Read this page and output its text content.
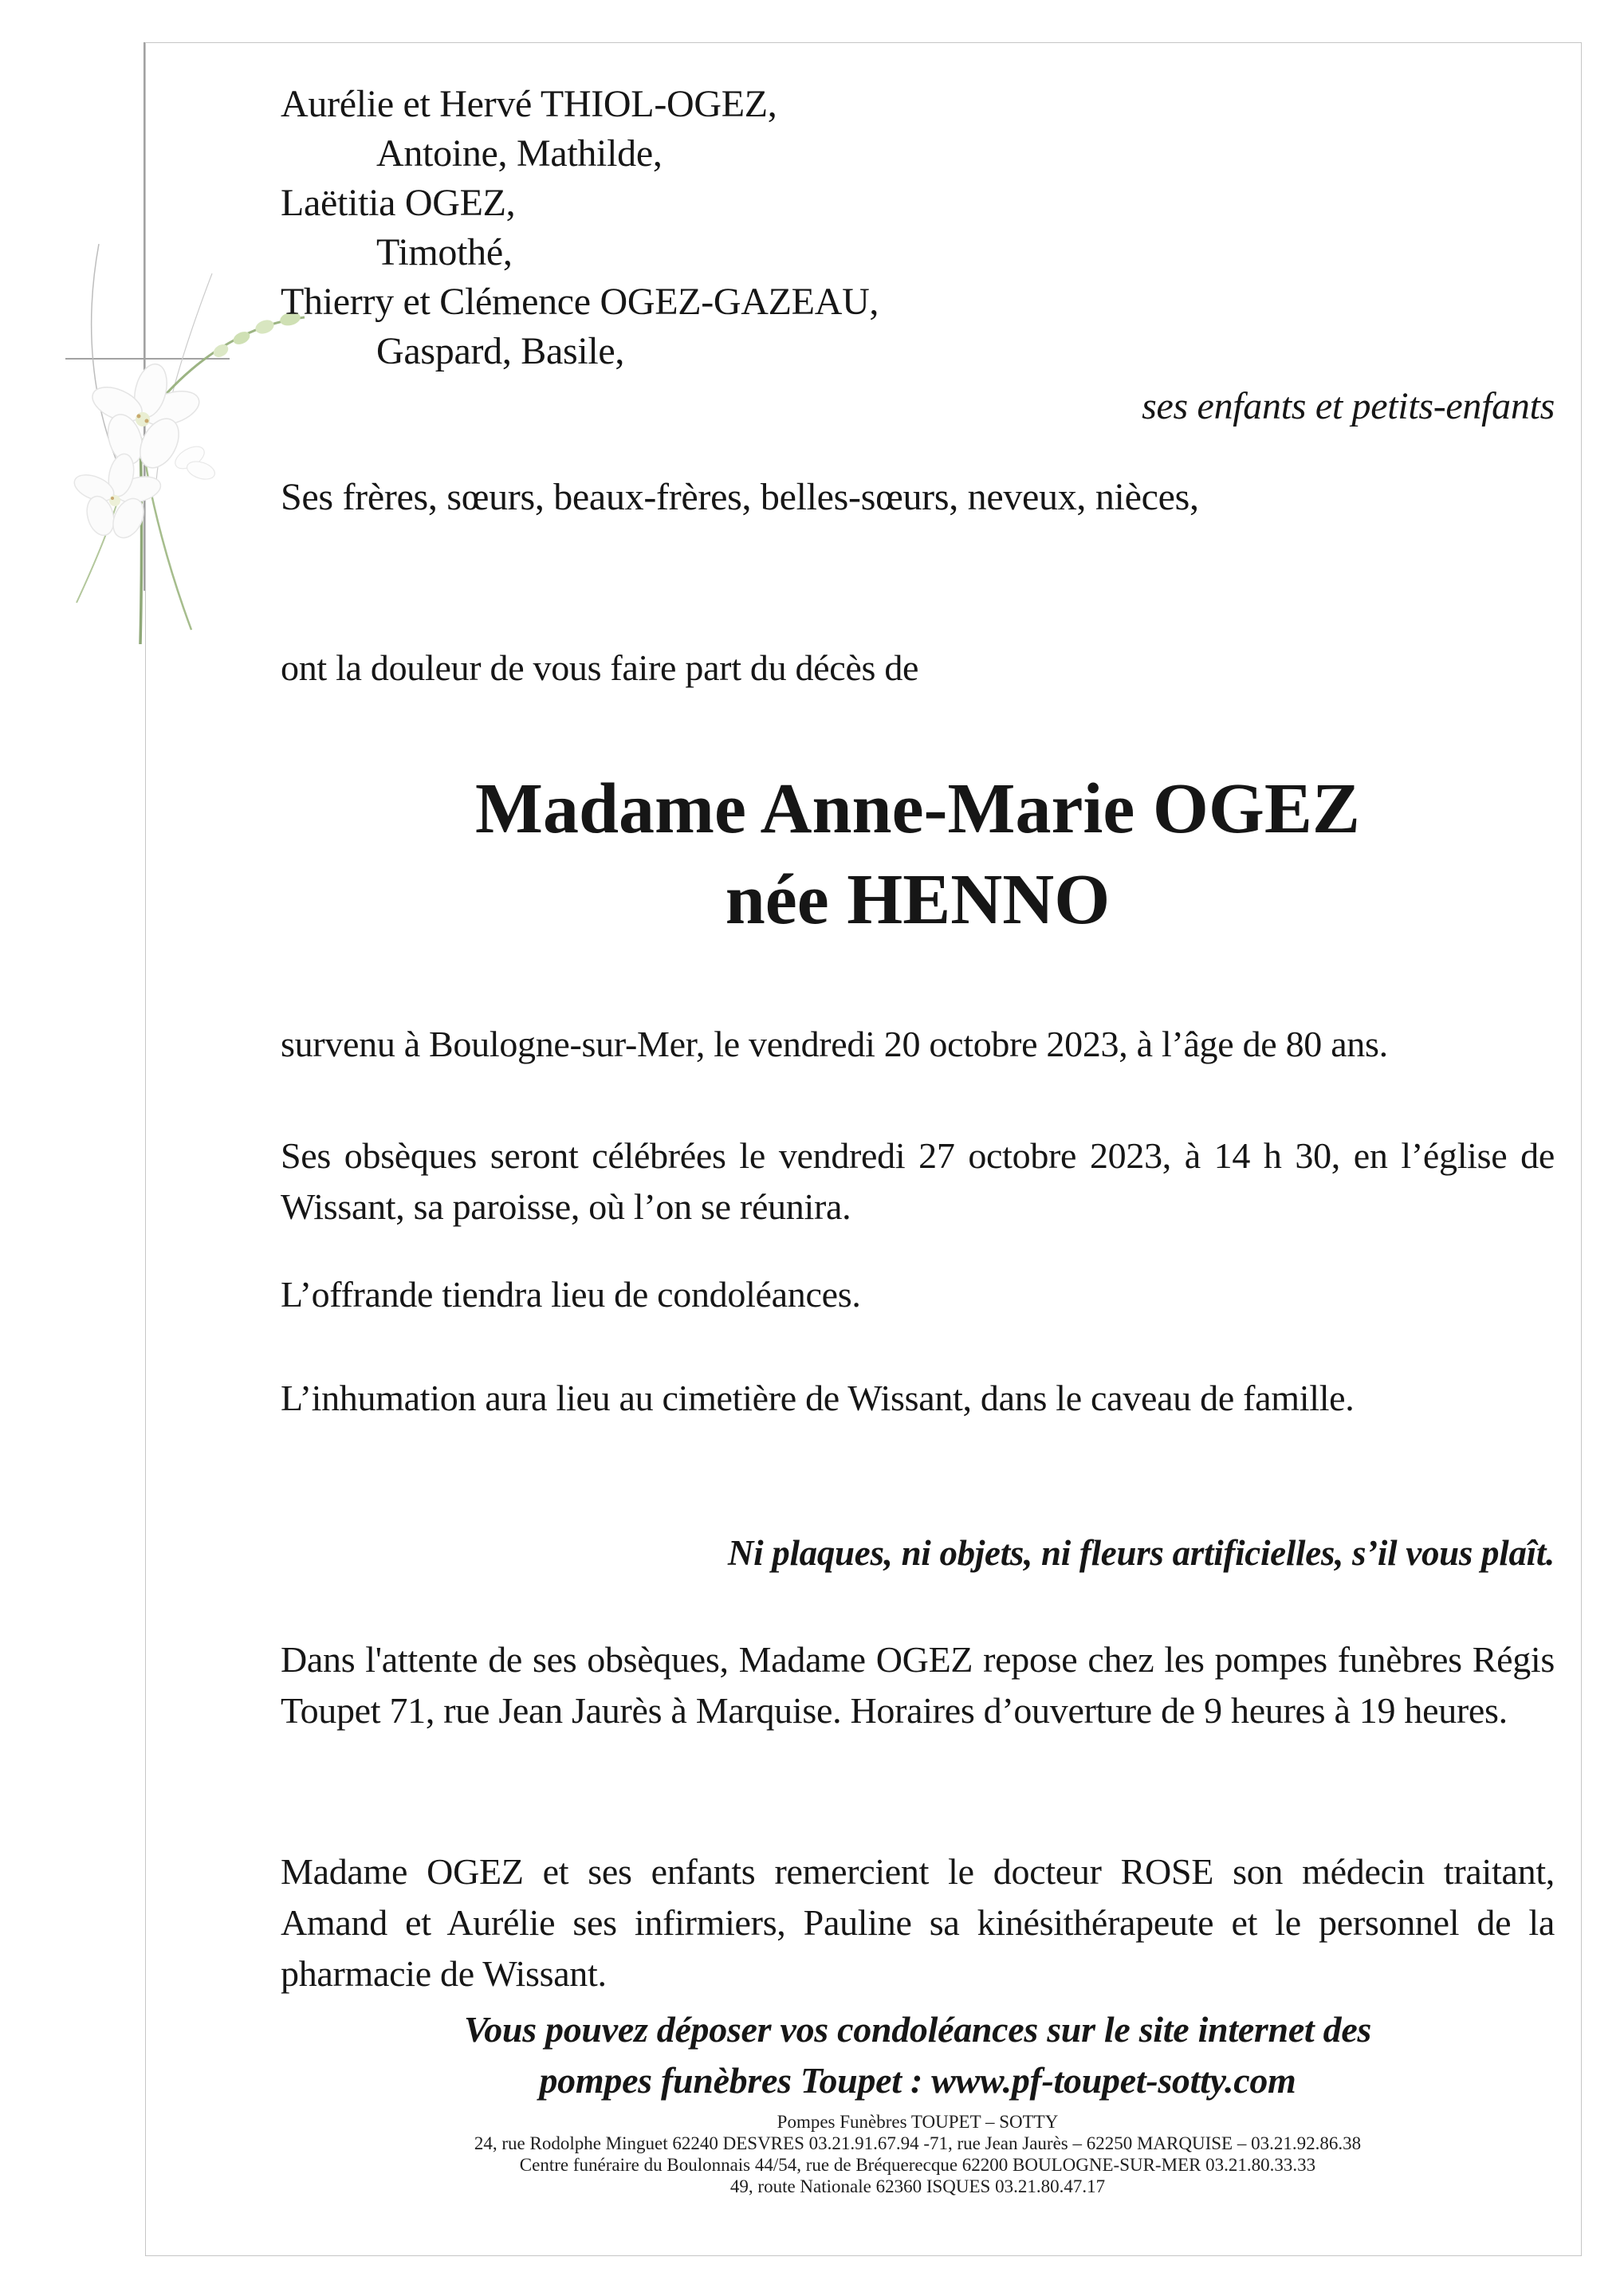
Aurélie et Hervé THIOL-OGEZ,
Antoine, Mathilde,
Laëtitia OGEZ,
Timothé,
Thierry et Clémence OGEZ-GAZEAU,
Gaspard, Basile,
ses enfants et petits-enfants
Ses frères, sœurs, beaux-frères, belles-sœurs, neveux, nièces,
ont la douleur de vous faire part du décès de
Madame Anne-Marie OGEZ
née HENNO
survenu à Boulogne-sur-Mer, le vendredi 20 octobre 2023, à l’âge de 80 ans.
Ses obsèques seront célébrées le vendredi 27 octobre 2023, à 14 h 30, en l’église de Wissant, sa paroisse, où l’on se réunira.
L’offrande tiendra lieu de condoléances.
L’inhumation aura lieu au cimetière de Wissant, dans le caveau de famille.
Ni plaques, ni objets, ni fleurs artificielles, s’il vous plaît.
Dans l'attente de ses obsèques, Madame OGEZ repose chez les pompes funèbres Régis Toupet 71, rue Jean Jaurès à Marquise. Horaires d’ouverture de 9 heures à 19 heures.
Madame OGEZ et ses enfants remercient le docteur ROSE son médecin traitant, Amand et Aurélie ses infirmiers, Pauline sa kinésithérapeute et le personnel de la pharmacie de Wissant.
Vous pouvez déposer vos condoléances sur le site internet des
pompes funèbres Toupet : www.pf-toupet-sotty.com
Pompes Funèbres TOUPET – SOTTY
24, rue Rodolphe Minguet 62240 DESVRES 03.21.91.67.94 -71, rue Jean Jaurès – 62250 MARQUISE – 03.21.92.86.38
Centre funéraire du Boulonnais 44/54, rue de Bréquerecque 62200 BOULOGNE-SUR-MER 03.21.80.33.33
49, route Nationale 62360 ISQUES 03.21.80.47.17
